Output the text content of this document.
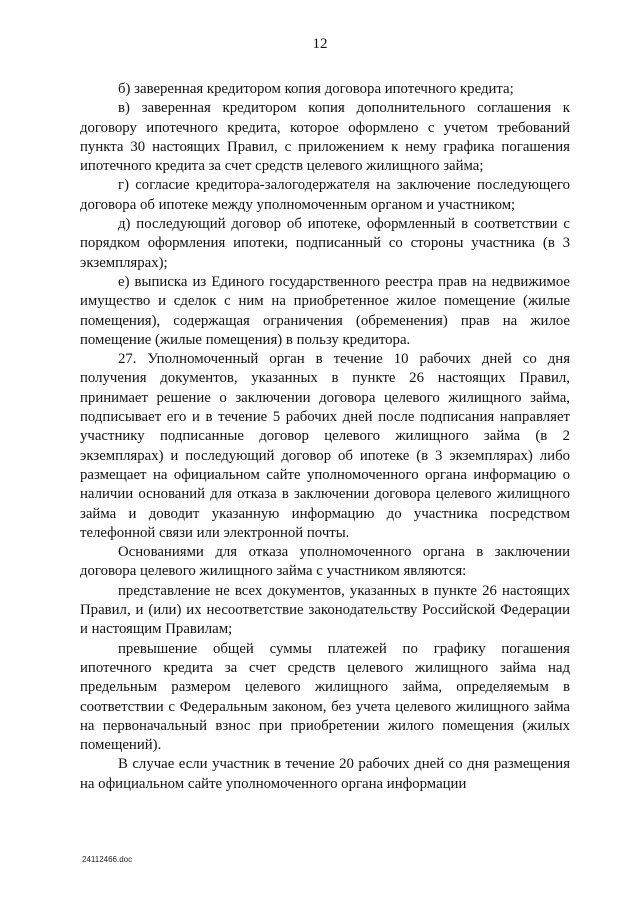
12

б) заверенная кредитором копия договора ипотечного кредита;

в) заверенная кредитором копия дополнительного соглашения к договору ипотечного кредита, которое оформлено с учетом требований пункта 30 настоящих Правил, с приложением к нему графика погашения ипотечного кредита за счет средств целевого жилищного займа;

г) согласие кредитора-залогодержателя на заключение последующего договора об ипотеке между уполномоченным органом и участником;

д) последующий договор об ипотеке, оформленный в соответствии с порядком оформления ипотеки, подписанный со стороны участника (в 3 экземплярах);

е) выписка из Единого государственного реестра прав на недвижимое имущество и сделок с ним на приобретенное жилое помещение (жилые помещения), содержащая ограничения (обременения) прав на жилое помещение (жилые помещения) в пользу кредитора.

27. Уполномоченный орган в течение 10 рабочих дней со дня получения документов, указанных в пункте 26 настоящих Правил, принимает решение о заключении договора целевого жилищного займа, подписывает его и в течение 5 рабочих дней после подписания направляет участнику подписанные договор целевого жилищного займа (в 2 экземплярах) и последующий договор об ипотеке (в 3 экземплярах) либо размещает на официальном сайте уполномоченного органа информацию о наличии оснований для отказа в заключении договора целевого жилищного займа и доводит указанную информацию до участника посредством телефонной связи или электронной почты.

Основаниями для отказа уполномоченного органа в заключении договора целевого жилищного займа с участником являются:

представление не всех документов, указанных в пункте 26 настоящих Правил, и (или) их несоответствие законодательству Российской Федерации и настоящим Правилам;

превышение общей суммы платежей по графику погашения ипотечного кредита за счет средств целевого жилищного займа над предельным размером целевого жилищного займа, определяемым в соответствии с Федеральным законом, без учета целевого жилищного займа на первоначальный взнос при приобретении жилого помещения (жилых помещений).

В случае если участник в течение 20 рабочих дней со дня размещения на официальном сайте уполномоченного органа информации

24112466.doc
